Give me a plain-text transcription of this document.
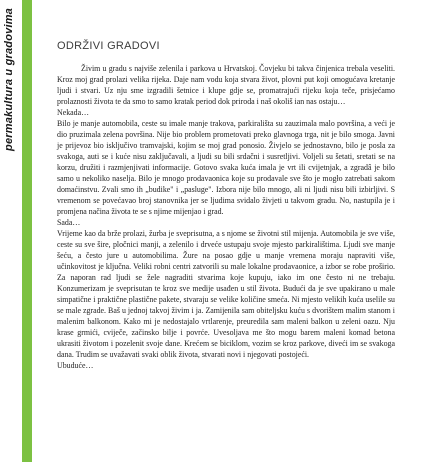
permakultura u gradovima	ODRŽIVI GRADOVI

Živim u gradu s najviše zelenila i parkova u Hrvatskoj. Čovjeku bi takva činjenica trebala veseliti. Kroz moj grad prolazi velika rijeka. Daje nam vodu koja stvara život, plovni put koji omogućava kretanje ljudi i stvari. Uz nju sme izgradili šetnice i klupe gdje se, promatrajući rijeku koja teče, prisjećamo prolaznosti života te da smo to samo kratak period dok priroda i naš okoliš ian nas ostaju…

Nekada…

Bilo je manje automobila, ceste su imale manje trakova, parkirališta su zauzimala malo površina, a veći je dio pruzimala zelena površina. Nije bio problem prometovati preko glavnoga trga, nit je bilo smoga. Javni je prijevoz bio isključivo tramvajski, kojim se moj grad ponosio. Živjelo se jednostavno, bilo je posla za svakoga, auti se i kuće nisu zaključavali, a ljudi su bili srdačni i susretljivi. Voljeli su šetati, sretati se na korzu, družiti i razmjenjivati informacije. Gotovo svaka kuća imala je vrt ili cvijetnjak, a zgradâ je bilo samo u nekoliko naselja. Bilo je mnogo prodavaonica koje su prodavale sve što je mogło zatrebati sakom domaćinstvu. Zvali smo ih „budike" i „pasluge". Izbora nije bilo mnogo, ali ni ljudi nisu bili izbirljivi. S vremenom se povećavao broj stanovnika jer se ljudima svidalo živjeti u takvom gradu. No, nastupila je i promjena načina života te se s njime mijenjao i grad.

Sada…

Vrijeme kao da brže prolazi, žurba je sveprisutna, a s njome se životni stil mijenja. Automobila je sve više, ceste su sve šire, pločnici manji, a zelenilo i drveće ustupaju svoje mjesto parkiralištima. Ljudi sve manje šeću, a često jure u automobilima. Žure na posao gdje u manje vremena moraju napraviti više, učinkovitost je ključna. Veliki robni centri zatvorili su male lokalne prodavaonice, a izbor se robe proširio. Za naporan rad ljudi se žele nagraditi stvarima koje kupuju, iako im one često ni ne trebaju. Konzumerizam je sveprisutan te kroz sve medije usađen u stil života. Budući da je sve upakirano u male simpatične i praktične plastične pakete, stvaraju se velike količine smeća. Ni mjesto velikih kuća uselile su se male zgrade. Baš u jednoj takvoj živim i ja. Zamijenila sam obiteljsku kuću s dvorištem malim stanom i malenim balkonom. Kako mi je nedostajalo vrtlarenje, preuredila sam maleni balkon u zeleni oazu. Nju krase grmići, cviječe, začinsko bilje i povrće. Uvesoljava me što mogu barem maleni komad betona ukrasiti životom i pozelenit svoje dane. Krećem se biciklom, vozim se kroz parkove, diveći im se svakoga dana. Trudim se uvažavati svaki oblik života, stvarati novi i njegovati postojeći.

Ubuduće…
